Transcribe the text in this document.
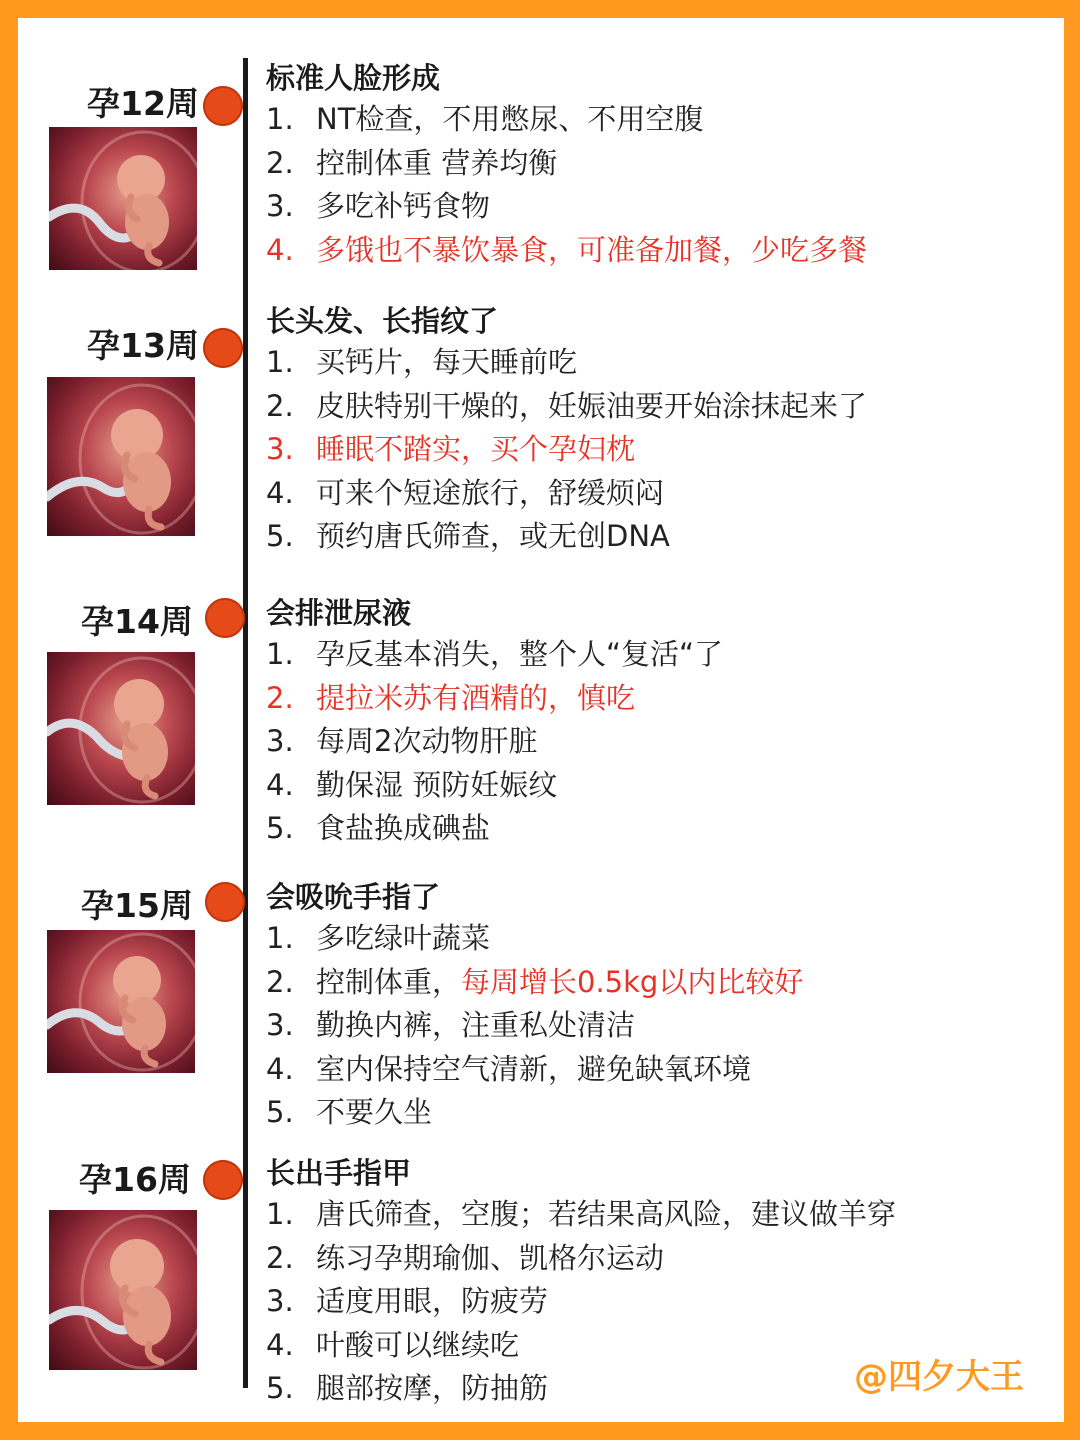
孕12周
标准人脸形成
1. NT检查，不用憋尿、不用空腹
2. 控制体重 营养均衡
3. 多吃补钙食物
4. 多饿也不暴饮暴食，可准备加餐，少吃多餐
孕13周
长头发、长指纹了
1. 买钙片，每天睡前吃
2. 皮肤特别干燥的，妊娠油要开始涂抹起来了
3. 睡眠不踏实，买个孕妇枕
4. 可来个短途旅行，舒缓烦闷
5. 预约唐氏筛查，或无创DNA
孕14周	会排泄尿液
1. 孕反基本消失，整个人“复活“了
2. 提拉米苏有酒精的，慎吃
3. 每周2次动物肝脏
4. 勤保湿 预防妊娠纹
5. 食盐换成碘盐
孕15周	会吸吮手指了
1. 多吃绿叶蔬菜
2. 控制体重，每周增长0.5kg以内比较好
3. 勤换内裤，注重私处清洁
4. 室内保持空气清新，避免缺氧环境
5. 不要久坐
孕16周	长出手指甲
1. 唐氏筛查，空腹；若结果高风险，建议做羊穿
2. 练习孕期瑜伽、凯格尔运动
3. 适度用眼，防疲劳
4. 叶酸可以继续吃
5. 腿部按摩，防抽筋	@四夕大王
